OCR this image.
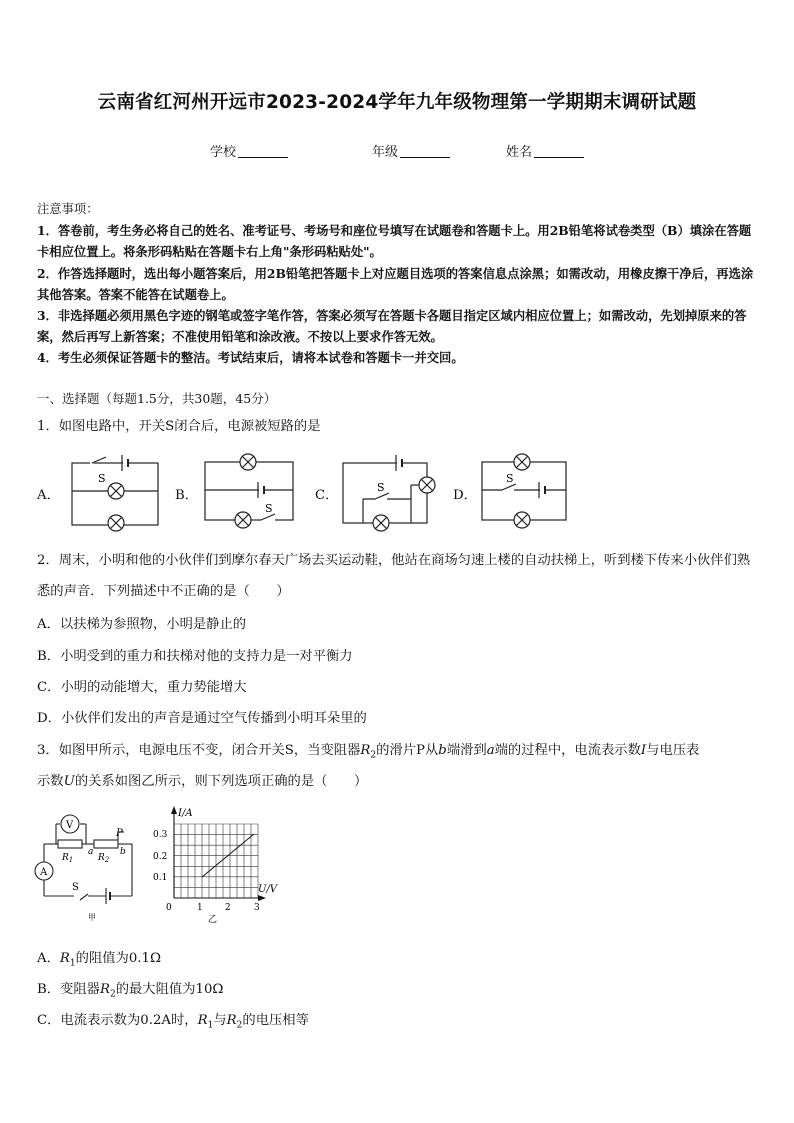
云南省红河州开远市2023-2024学年九年级物理第一学期期末调研试题
学校	年级	姓名

注意事项：

1．答卷前，考生务必将自己的姓名、准考证号、考场号和座位号填写在试题卷和答题卡上。用2B铅笔将试卷类型（B）填涂在答题卡相应位置上。将条形码粘贴在答题卡右上角"条形码粘贴处"。

2．作答选择题时，选出每小题答案后，用2B铅笔把答题卡上对应题目选项的答案信息点涂黑；如需改动，用橡皮擦干净后，再选涂其他答案。答案不能答在试题卷上。

3．非选择题必须用黑色字迹的钢笔或签字笔作答，答案必须写在答题卡各题目指定区域内相应位置上；如需改动，先划掉原来的答案，然后再写上新答案；不准使用铅笔和涂改液。不按以上要求作答无效。

4．考生必须保证答题卡的整洁。考试结束后，请将本试卷和答题卡一并交回。

一、选择题（每题1.5分，共30题，45分）
1．如图电路中，开关S闭合后，电源被短路的是
A．	B．	C．	D．
S
S
S
S
2．周末，小明和他的小伙伴们到摩尔春天广场去买运动鞋，他站在商场匀速上楼的自动扶梯上，听到楼下传来小伙伴们熟悉的声音．下列描述中不正确的是（　　）
A．以扶梯为参照物，小明是静止的
B．小明受到的重力和扶梯对他的支持力是一对平衡力
C．小明的动能增大，重力势能增大
D．小伙伴们发出的声音是通过空气传播到小明耳朵里的
3．如图甲所示，电源电压不变，闭合开关S，当变阻器$R_2$的滑片P从b端滑到a端的过程中，电流表示数I与电压表
示数U的关系如图乙所示，则下列选项正确的是（　　）
V
A
P
$R_1$	$R_2$
a	b
S
甲
I/A
U/V
0.3
0.2
0.1
0	1 2	3
乙
A．$R_1$的阻值为0.1Ω
B．变阻器$R_2$的最大阻值为10Ω
C．电流表示数为0.2A时，$R_1$与$R_2$的电压相等
